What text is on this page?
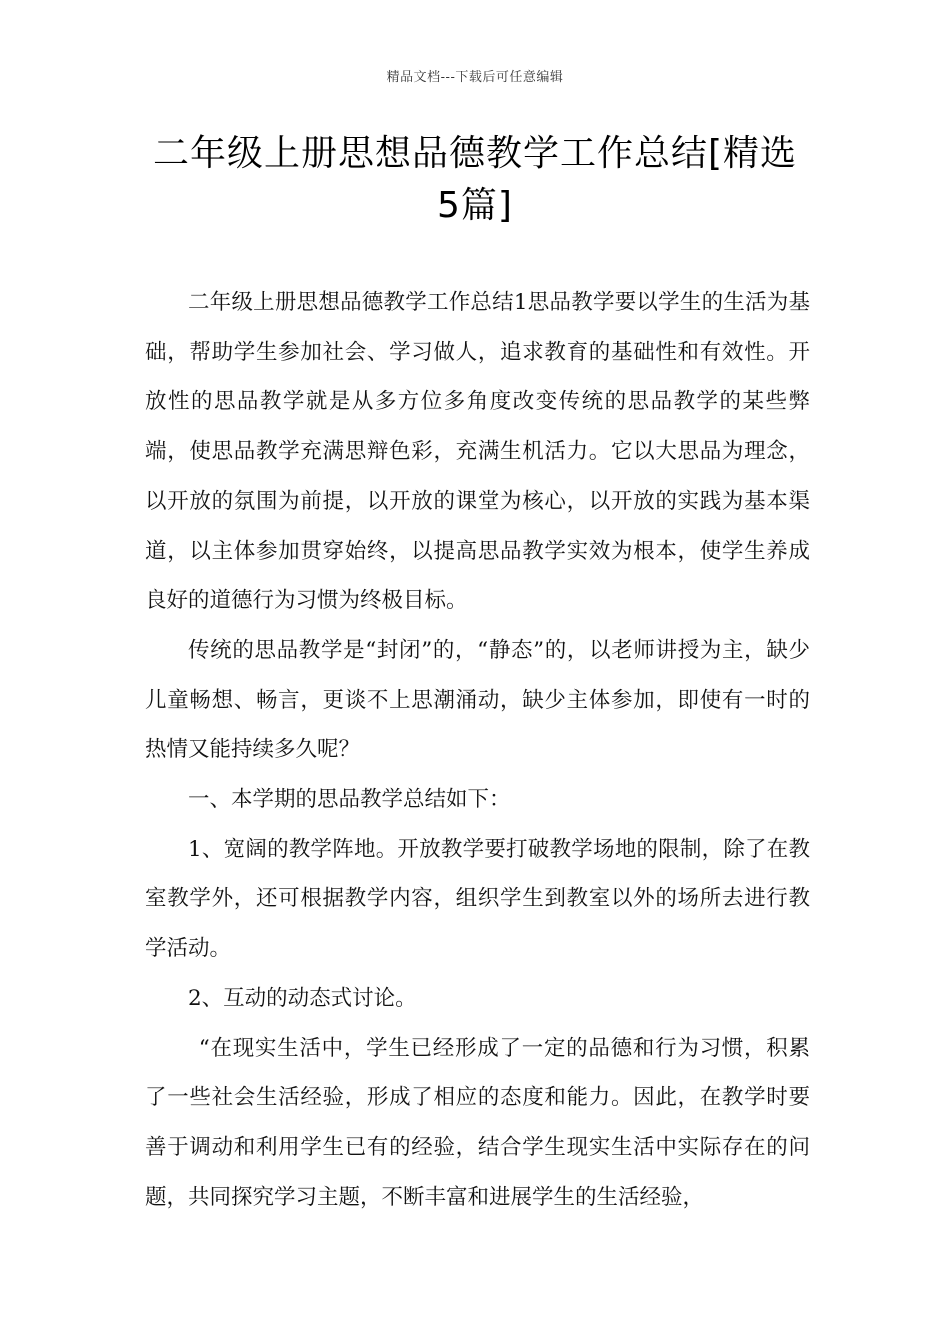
精品文档---下载后可任意编辑
二年级上册思想品德教学工作总结[精选5篇]

二年级上册思想品德教学工作总结1思品教学要以学生的生活为基础，帮助学生参加社会、学习做人，追求教育的基础性和有效性。开放性的思品教学就是从多方位多角度改变传统的思品教学的某些弊端，使思品教学充满思辩色彩，充满生机活力。它以大思品为理念，以开放的氛围为前提，以开放的课堂为核心，以开放的实践为基本渠道，以主体参加贯穿始终，以提高思品教学实效为根本，使学生养成良好的道德行为习惯为终极目标。

传统的思品教学是“封闭”的，“静态”的，以老师讲授为主，缺少儿童畅想、畅言，更谈不上思潮涌动，缺少主体参加，即使有一时的热情又能持续多久呢？

一、本学期的思品教学总结如下：

1、宽阔的教学阵地。开放教学要打破教学场地的限制，除了在教室教学外，还可根据教学内容，组织学生到教室以外的场所去进行教学活动。

2、互动的动态式讨论。

“在现实生活中，学生已经形成了一定的品德和行为习惯，积累了一些社会生活经验，形成了相应的态度和能力。因此，在教学时要善于调动和利用学生已有的经验，结合学生现实生活中实际存在的问题，共同探究学习主题，不断丰富和进展学生的生活经验，
